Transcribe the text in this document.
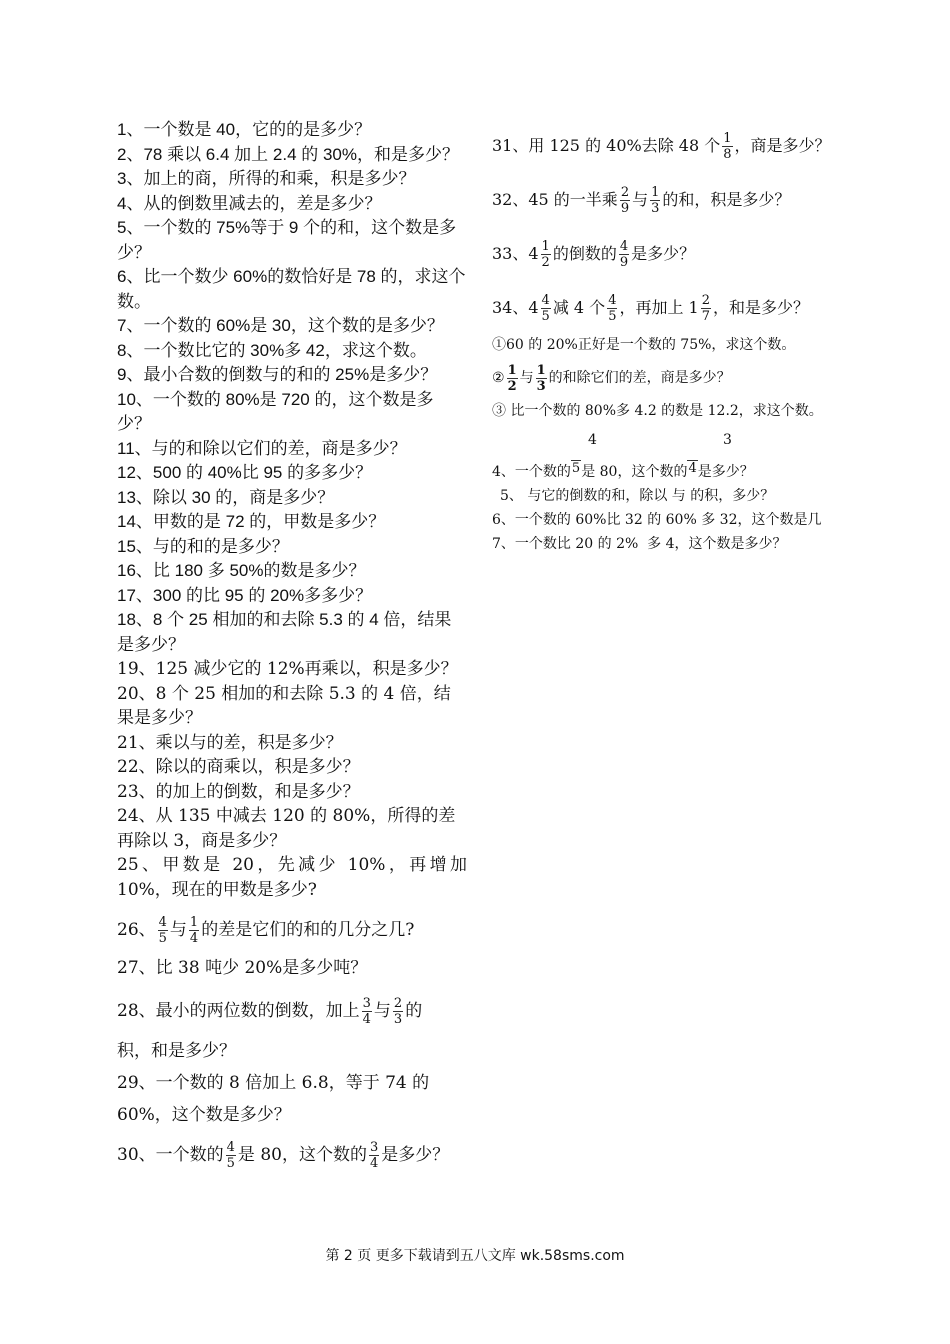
1、一个数是 40，它的的是多少？

2、78 乘以 6.4 加上 2.4 的 30%，和是多少？

3、加上的商，所得的和乘，积是多少？

4、从的倒数里减去的，差是多少？

5、一个数的 75%等于 9 个的和，这个数是多少？

6、比一个数少 60%的数恰好是 78 的，求这个数。

7、一个数的 60%是 30，这个数的是多少？

8、一个数比它的 30%多 42，求这个数。

9、最小合数的倒数与的和的 25%是多少？

10、一个数的 80%是 720 的，这个数是多少？

11、与的和除以它们的差，商是多少？

12、500 的 40%比 95 的多多少？

13、除以 30 的，商是多少？

14、甲数的是 72 的，甲数是多少？

15、与的和的是多少？

16、比 180 多 50%的数是多少？

17、300 的比 95 的 20%多多少？

18、8 个 25 相加的和去除 5.3 的 4 倍，结果是多少？

19、125 减少它的 12%再乘以，积是多少？

20、8 个 25 相加的和去除 5.3 的 4 倍，结果是多少？

21、乘以与的差，积是多少？

22、除以的商乘以，积是多少？

23、的加上的倒数，和是多少？

24、从 135 中减去 120 的 80%，所得的差再除以 3，商是多少？

25、甲数是 20，先减少 10%，再增加 10%，现在的甲数是多少?

26、 $\frac{4}{5}$ 与 $\frac{1}{4}$ 的差是它们的和的几分之几?

27、比 38 吨少 20%是多少吨？

28、最小的两位数的倒数，加上 $\frac{3}{4}$ 与 $\frac{2}{3}$ 的

积，和是多少？

29、一个数的 8 倍加上 6.8，等于 74 的

60%，这个数是多少？

30、一个数的 $\frac{4}{5}$ 是 80，这个数的 $\frac{3}{4}$ 是多少？

31、用 125 的 40%去除 48 个 $\frac{1}{8}$ ，商是多少？

32、45 的一半乘 $\frac{2}{9}$ 与 $\frac{1}{3}$ 的和，积是多少？

33、$4 \frac{1}{2}$ 的倒数的 $\frac{4}{9}$ 是多少？

34、$4 \frac{4}{5}$ 减 4 个 $\frac{4}{5}$ ，再加上 $1 \frac{2}{7}$ ，和是多少？

①60 的 20%正好是一个数的 75%，求这个数。

② $\frac{1}{2}$ 与 $\frac{1}{3}$ 的和除它们的差，商是多少？

③ 比一个数的 80%多 4.2 的数是 12.2，求这个数。

4	3

4、一个数的5是 80，这个数的4是多少？

5、 与它的倒数的和，除以 与 的积，多少？

6、一个数的 60%比 32 的 60% 多 32，这个数是几

7、一个数比 20 的 2%  多 4，这个数是多少？

第 2 页 更多下载请到五八文库 wk.58sms.com
